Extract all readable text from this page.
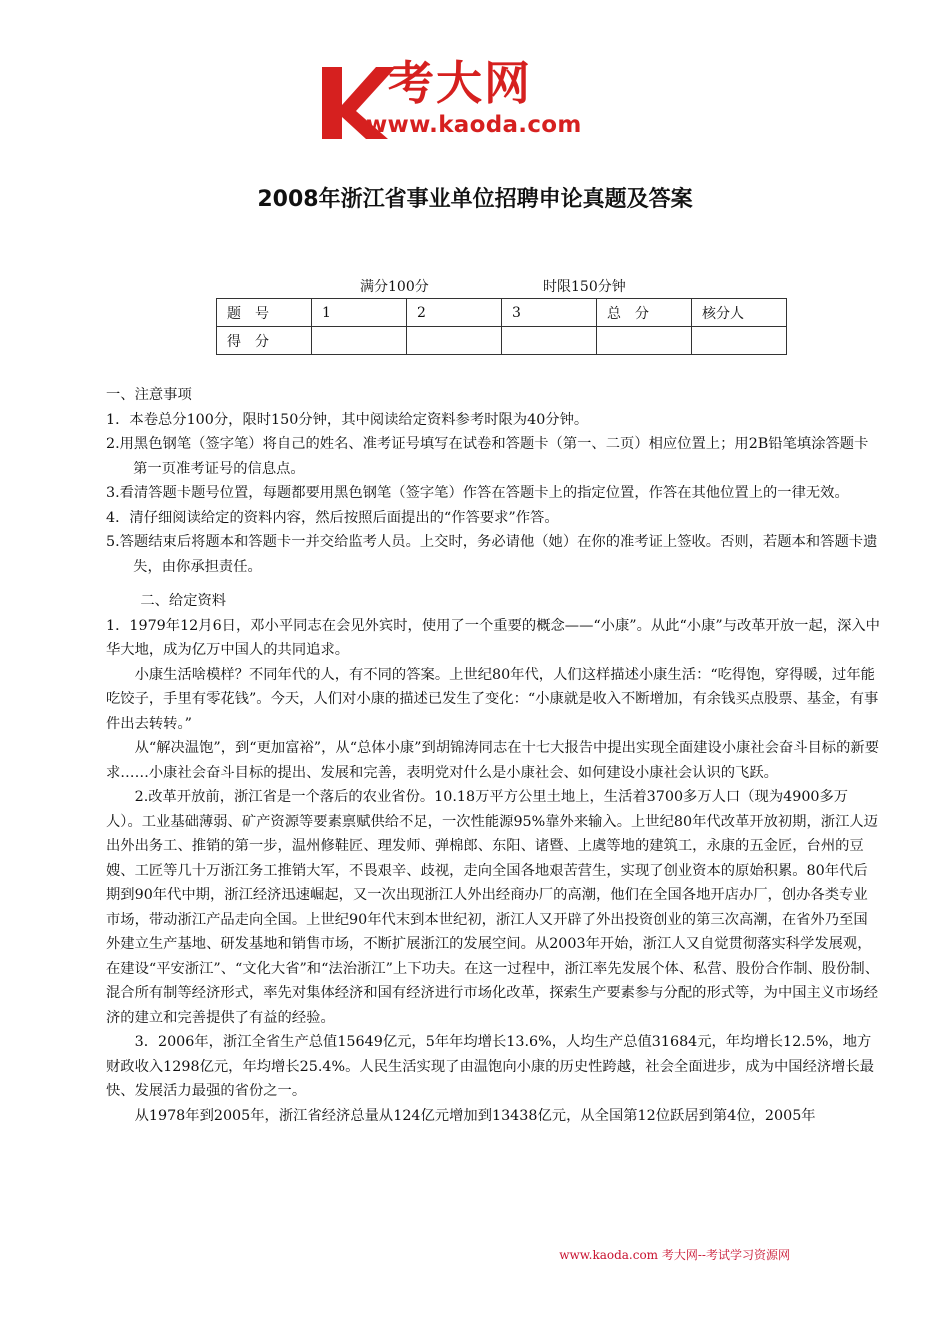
考大网
www.kaoda.com
2008年浙江省事业单位招聘申论真题及答案
满分100分	时限150分钟
题　号	1	2	3	总　分	核分人
得　分					

一、注意事项

1．本卷总分100分，限时150分钟，其中阅读给定资料参考时限为40分钟。

2.用黑色钢笔（签字笔）将自己的姓名、准考证号填写在试卷和答题卡（第一、二页）相应位置上；用2B铅笔填涂答题卡第一页准考证号的信息点。

3.看清答题卡题号位置，每题都要用黑色钢笔（签字笔）作答在答题卡上的指定位置，作答在其他位置上的一律无效。

4．清仔细阅读给定的资料内容，然后按照后面提出的“作答要求”作答。

5.答题结束后将题本和答题卡一并交给监考人员。上交时，务必请他（她）在你的准考证上签收。否则，若题本和答题卡遗失，由你承担责任。

二、给定资料

1．1979年12月6日，邓小平同志在会见外宾时，使用了一个重要的概念——“小康”。从此“小康”与改革开放一起，深入中华大地，成为亿万中国人的共同追求。

小康生活啥模样？不同年代的人，有不同的答案。上世纪80年代，人们这样描述小康生活：“吃得饱，穿得暖，过年能吃饺子，手里有零花钱”。今天，人们对小康的描述已发生了变化：“小康就是收入不断增加，有余钱买点股票、基金，有事件出去转转。”

从“解决温饱”，到“更加富裕”，从“总体小康”到胡锦涛同志在十七大报告中提出实现全面建设小康社会奋斗目标的新要求……小康社会奋斗目标的提出、发展和完善，表明党对什么是小康社会、如何建设小康社会认识的飞跃。

2.改革开放前，浙江省是一个落后的农业省份。10.18万平方公里土地上，生活着3700多万人口（现为4900多万人）。工业基础薄弱、矿产资源等要素禀赋供给不足，一次性能源95%靠外来输入。上世纪80年代改革开放初期，浙江人迈出外出务工、推销的第一步，温州修鞋匠、理发师、弹棉郎、东阳、诸暨、上虞等地的建筑工，永康的五金匠，台州的豆嫂、工匠等几十万浙江务工推销大军，不畏艰辛、歧视，走向全国各地艰苦营生，实现了创业资本的原始积累。80年代后期到90年代中期，浙江经济迅速崛起，又一次出现浙江人外出经商办厂的高潮，他们在全国各地开店办厂，创办各类专业市场，带动浙江产品走向全国。上世纪90年代末到本世纪初，浙江人又开辟了外出投资创业的第三次高潮，在省外乃至国外建立生产基地、研发基地和销售市场，不断扩展浙江的发展空间。从2003年开始，浙江人又自觉贯彻落实科学发展观，在建设“平安浙江”、“文化大省”和“法治浙江”上下功夫。在这一过程中，浙江率先发展个体、私营、股份合作制、股份制、混合所有制等经济形式，率先对集体经济和国有经济进行市场化改革，探索生产要素参与分配的形式等，为中国主义市场经济的建立和完善提供了有益的经验。

3．2006年，浙江全省生产总值15649亿元，5年年均增长13.6%，人均生产总值31684元，年均增长12.5%，地方财政收入1298亿元，年均增长25.4%。人民生活实现了由温饱向小康的历史性跨越，社会全面进步，成为中国经济增长最快、发展活力最强的省份之一。

从1978年到2005年，浙江省经济总量从124亿元增加到13438亿元，从全国第12位跃居到第4位，2005年

www.kaoda.com 考大网--考试学习资源网
